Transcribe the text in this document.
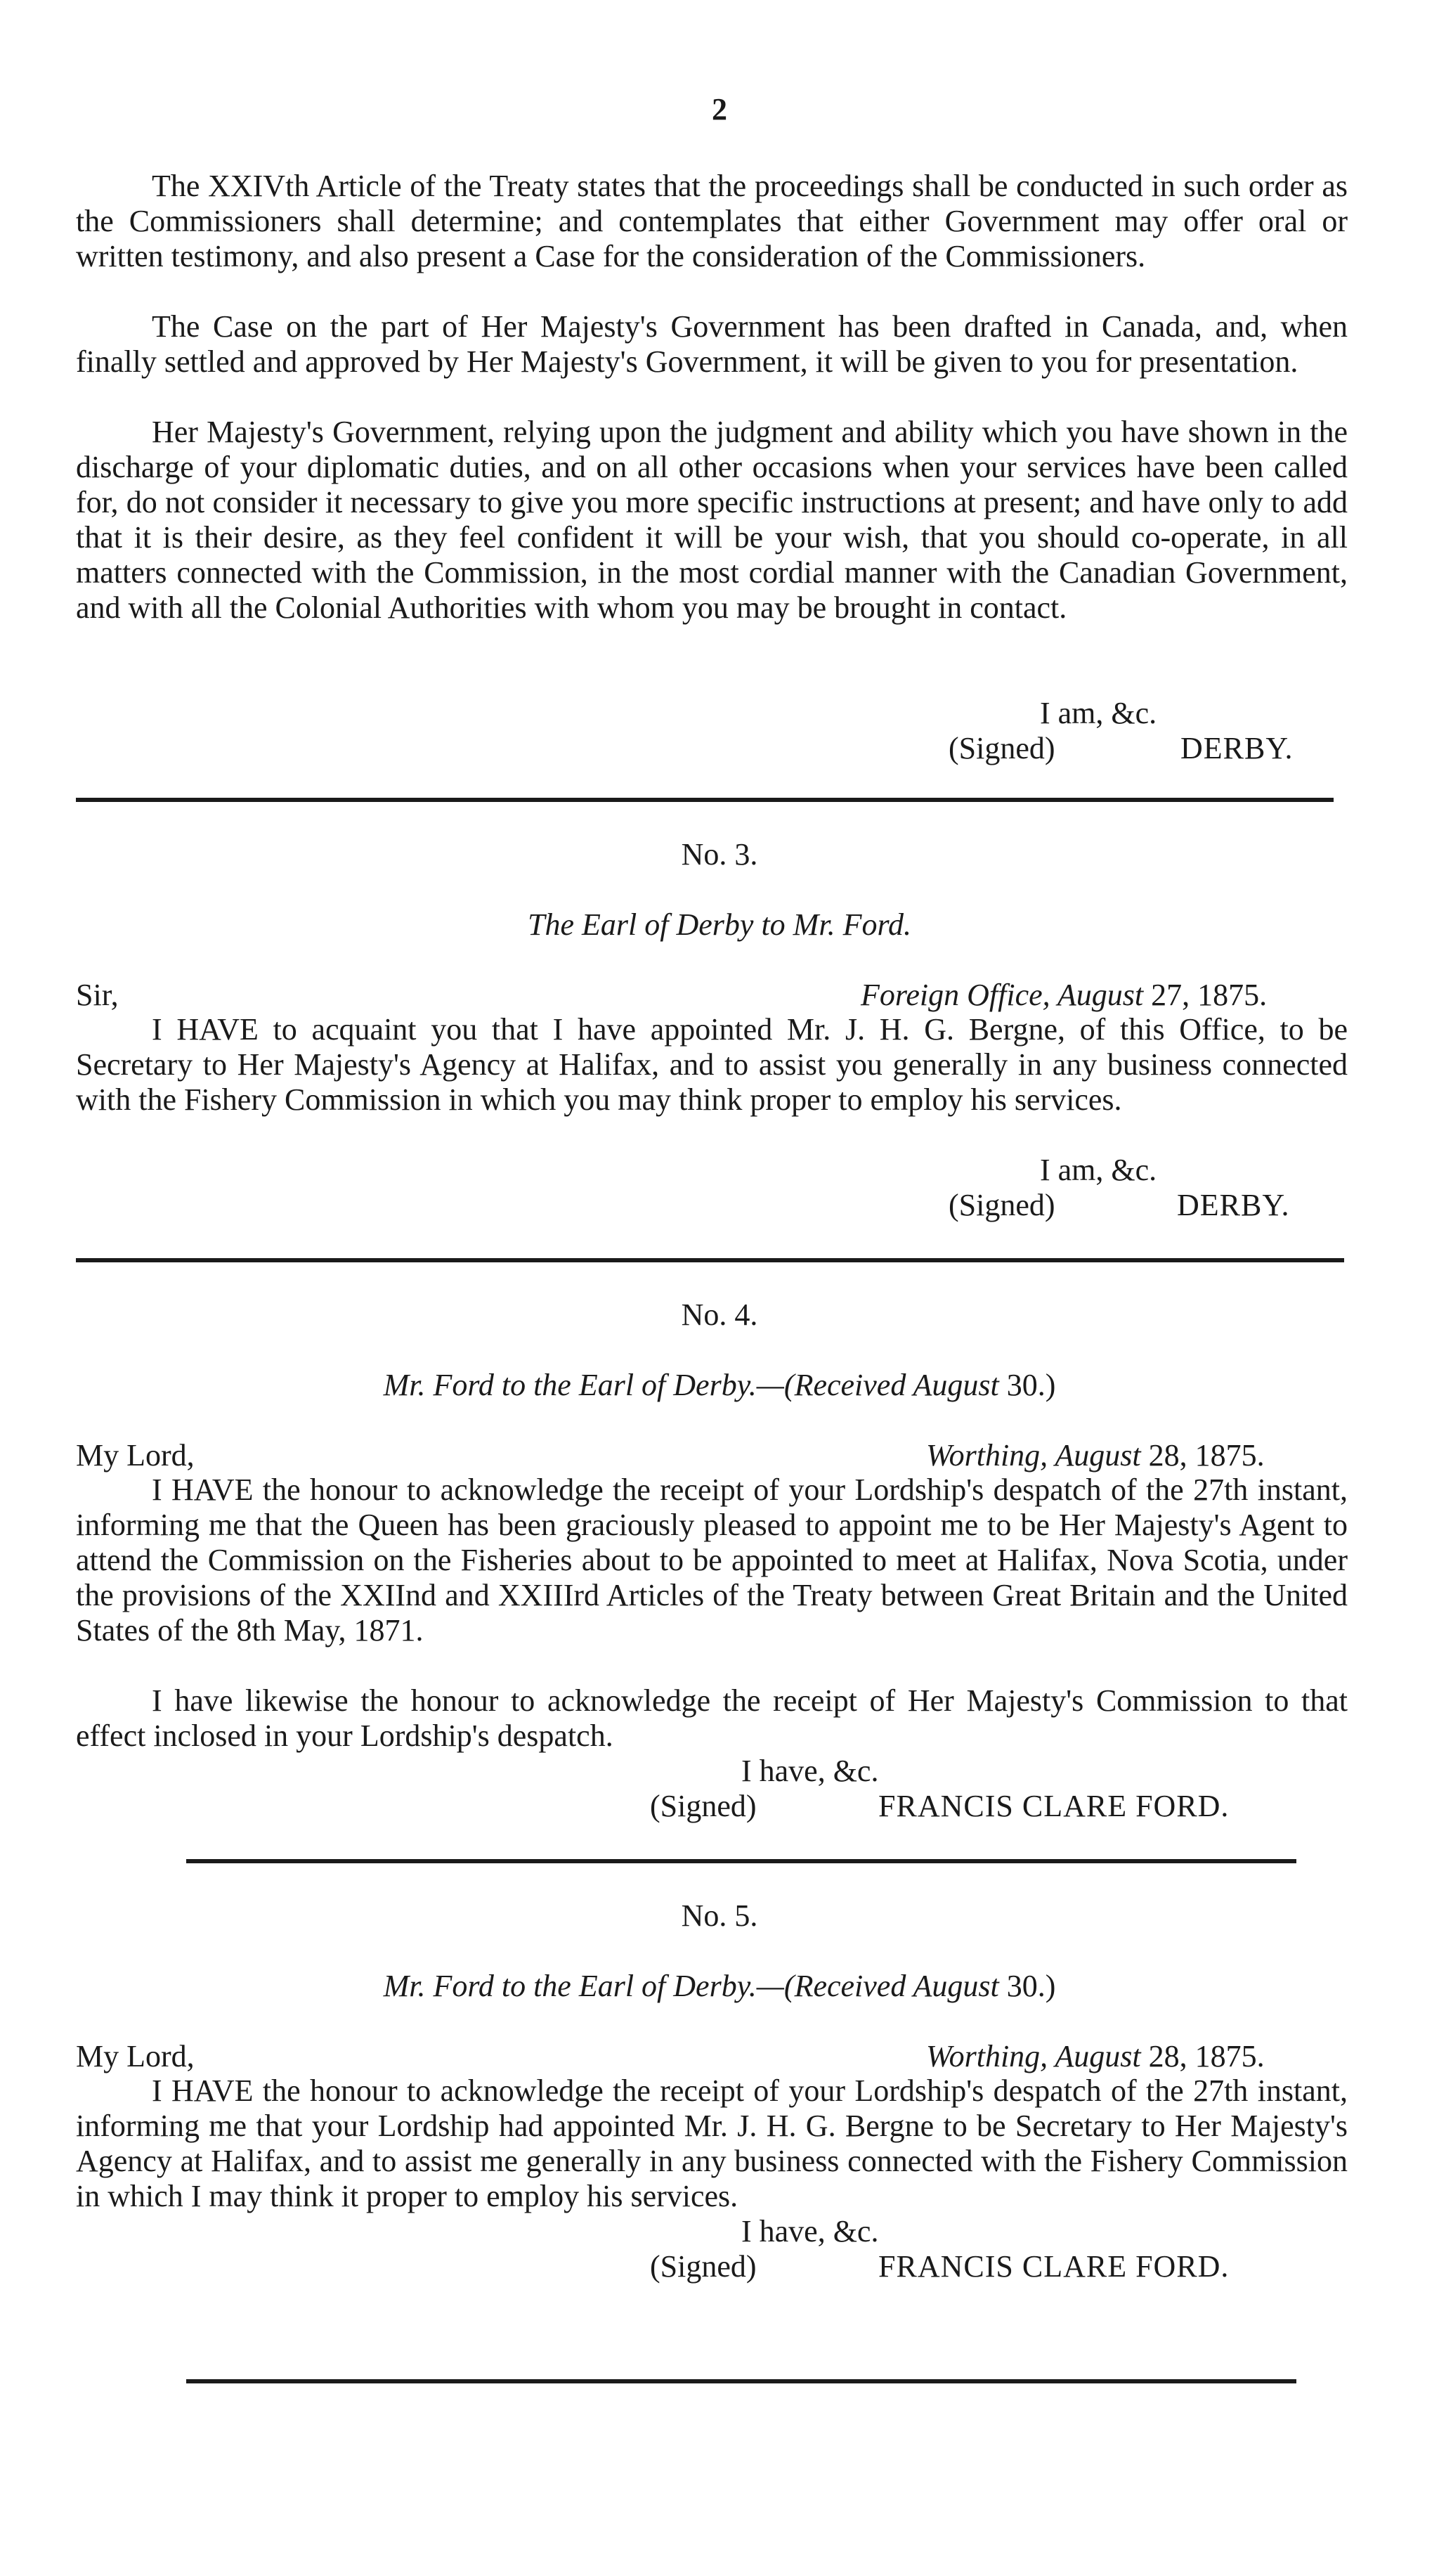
2

The XXIVth Article of the Treaty states that the proceedings shall be conducted in such order as the Commissioners shall determine; and contemplates that either Government may offer oral or written testimony, and also present a Case for the consideration of the Commissioners.

The Case on the part of Her Majesty's Government has been drafted in Canada, and, when finally settled and approved by Her Majesty's Government, it will be given to you for presentation.

Her Majesty's Government, relying upon the judgment and ability which you have shown in the discharge of your diplomatic duties, and on all other occasions when your services have been called for, do not consider it necessary to give you more specific instructions at present; and have only to add that it is their desire, as they feel confident it will be your wish, that you should co-operate, in all matters connected with the Commission, in the most cordial manner with the Canadian Government, and with all the Colonial Authorities with whom you may be brought in contact.

I am, &c.
(Signed)	DERBY.
No. 3.
The Earl of Derby to Mr. Ford.
Sir,	Foreign Office, August 27, 1875.

I HAVE to acquaint you that I have appointed Mr. J. H. G. Bergne, of this Office, to be Secretary to Her Majesty's Agency at Halifax, and to assist you generally in any business connected with the Fishery Commission in which you may think proper to employ his services.

I am, &c.
(Signed)	DERBY.
No. 4.
Mr. Ford to the Earl of Derby.—(Received August 30.)
My Lord,	Worthing, August 28, 1875.

I HAVE the honour to acknowledge the receipt of your Lordship's despatch of the 27th instant, informing me that the Queen has been graciously pleased to appoint me to be Her Majesty's Agent to attend the Commission on the Fisheries about to be appointed to meet at Halifax, Nova Scotia, under the provisions of the XXIInd and XXIIIrd Articles of the Treaty between Great Britain and the United States of the 8th May, 1871.

I have likewise the honour to acknowledge the receipt of Her Majesty's Commission to that effect inclosed in your Lordship's despatch.

I have, &c.
(Signed)	FRANCIS CLARE FORD.
No. 5.
Mr. Ford to the Earl of Derby.—(Received August 30.)
My Lord,	Worthing, August 28, 1875.

I HAVE the honour to acknowledge the receipt of your Lordship's despatch of the 27th instant, informing me that your Lordship had appointed Mr. J. H. G. Bergne to be Secretary to Her Majesty's Agency at Halifax, and to assist me generally in any business connected with the Fishery Commission in which I may think it proper to employ his services.

I have, &c.
(Signed)	FRANCIS CLARE FORD.
